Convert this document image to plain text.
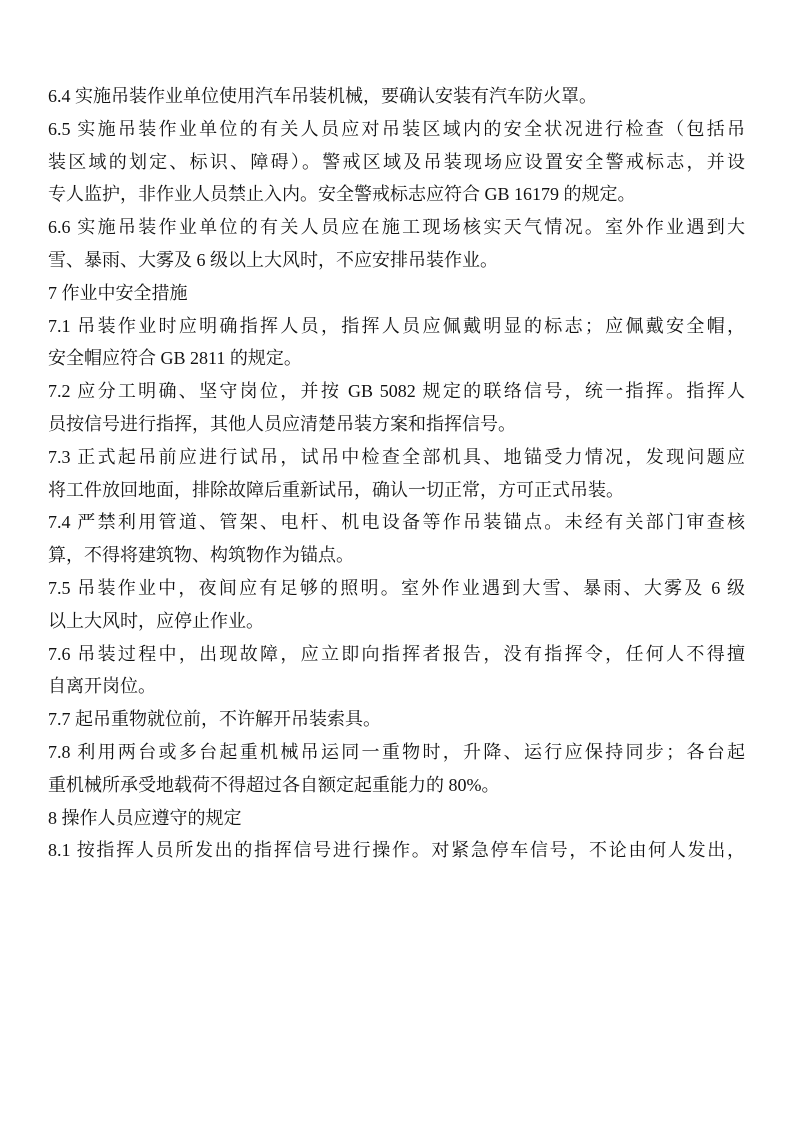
6.4 实施吊装作业单位使用汽车吊装机械，要确认安装有汽车防火罩。
6.5 实施吊装作业单位的有关人员应对吊装区域内的安全状况进行检查（包括吊
装区域的划定、标识、障碍）。警戒区域及吊装现场应设置安全警戒标志，并设
专人监护，非作业人员禁止入内。安全警戒标志应符合 GB 16179 的规定。
6.6 实施吊装作业单位的有关人员应在施工现场核实天气情况。室外作业遇到大
雪、暴雨、大雾及 6 级以上大风时，不应安排吊装作业。
7 作业中安全措施
7.1 吊装作业时应明确指挥人员，指挥人员应佩戴明显的标志；应佩戴安全帽，
安全帽应符合 GB 2811 的规定。
7.2 应分工明确、坚守岗位，并按 GB 5082 规定的联络信号，统一指挥。指挥人
员按信号进行指挥，其他人员应清楚吊装方案和指挥信号。
7.3 正式起吊前应进行试吊，试吊中检查全部机具、地锚受力情况，发现问题应
将工件放回地面，排除故障后重新试吊，确认一切正常，方可正式吊装。
7.4 严禁利用管道、管架、电杆、机电设备等作吊装锚点。未经有关部门审查核
算，不得将建筑物、构筑物作为锚点。
7.5 吊装作业中，夜间应有足够的照明。室外作业遇到大雪、暴雨、大雾及 6 级
以上大风时，应停止作业。
7.6 吊装过程中，出现故障，应立即向指挥者报告，没有指挥令，任何人不得擅
自离开岗位。
7.7 起吊重物就位前，不许解开吊装索具。
7.8 利用两台或多台起重机械吊运同一重物时，升降、运行应保持同步；各台起
重机械所承受地载荷不得超过各自额定起重能力的 80%。
8 操作人员应遵守的规定
8.1 按指挥人员所发出的指挥信号进行操作。对紧急停车信号，不论由何人发出，
